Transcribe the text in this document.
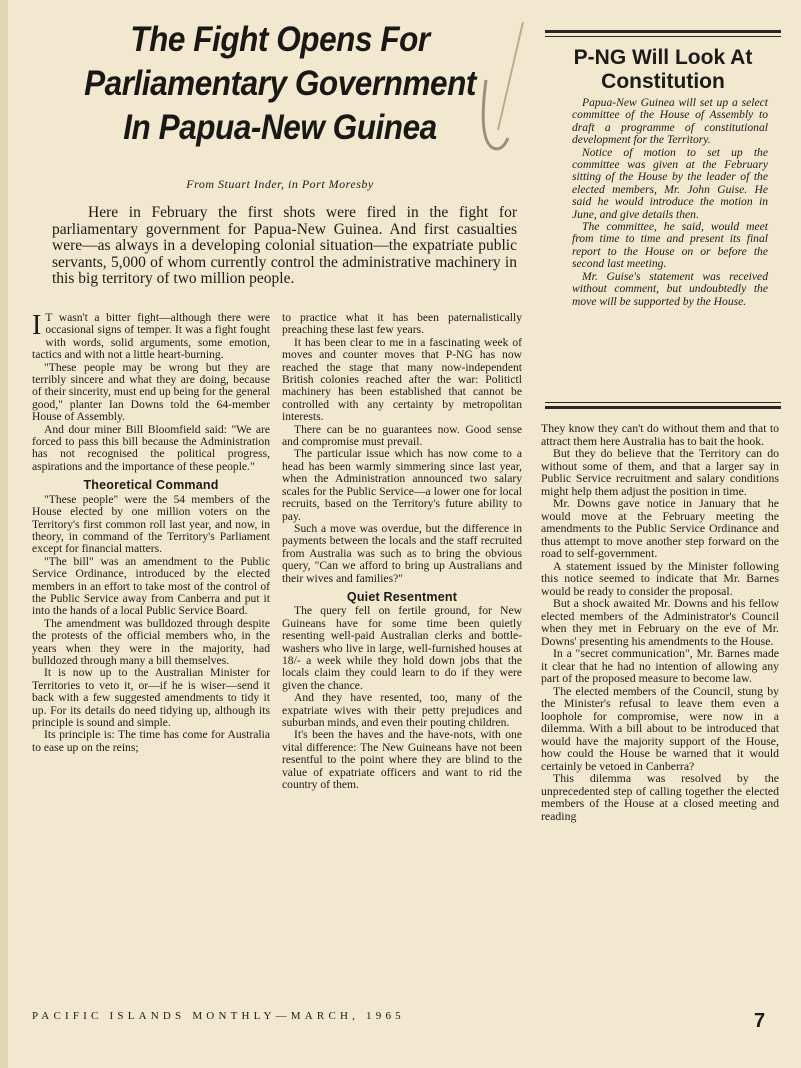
The Fight Opens For
Parliamentary Government
In Papua-New Guinea
From Stuart Inder, in Port Moresby
Here in February the first shots were fired in the fight for parliamentary government for Papua-New Guinea. And first casualties were—as always in a developing colonial situation—the expatriate public servants, 5,000 of whom currently control the administrative machinery in this big territory of two million people.

I T wasn't a bitter fight—although there were occasional signs of temper. It was a fight fought with words, solid arguments, some emotion, tactics and with not a little heart-burning.

"These people may be wrong but they are terribly sincere and what they are doing, because of their sincerity, must end up being for the general good," planter Ian Downs told the 64-member House of Assembly.

And dour miner Bill Bloomfield said: "We are forced to pass this bill because the Administration has not recognised the political progress, aspirations and the importance of these people."

Theoretical Command

"These people" were the 54 members of the House elected by one million voters on the Territory's first common roll last year, and now, in theory, in command of the Territory's Parliament except for financial matters.

"The bill" was an amendment to the Public Service Ordinance, introduced by the elected members in an effort to take most of the control of the Public Service away from Canberra and put it into the hands of a local Public Service Board.

The amendment was bulldozed through despite the protests of the official members who, in the years when they were in the majority, had bulldozed through many a bill themselves.

It is now up to the Australian Minister for Territories to veto it, or—if he is wiser—send it back with a few suggested amendments to tidy it up. For its details do need tidying up, although its principle is sound and simple.

Its principle is: The time has come for Australia to ease up on the reins;

to practice what it has been paternalistically preaching these last few years.

It has been clear to me in a fascinating week of moves and counter moves that P-NG has now reached the stage that many now-independent British colonies reached after the war: Politictl machinery has been established that cannot be controlled with any certainty by metropolitan interests.

There can be no guarantees now. Good sense and compromise must prevail.

The particular issue which has now come to a head has been warmly simmering since last year, when the Administration announced two salary scales for the Public Service—a lower one for local recruits, based on the Territory's future ability to pay.

Such a move was overdue, but the difference in payments between the locals and the staff recruited from Australia was such as to bring the obvious query, "Can we afford to bring up Australians and their wives and families?"

Quiet Resentment

The query fell on fertile ground, for New Guineans have for some time been quietly resenting well-paid Australian clerks and bottle-washers who live in large, well-furnished houses at 18/- a week while they hold down jobs that the locals claim they could learn to do if they were given the chance.

And they have resented, too, many of the expatriate wives with their petty prejudices and suburban minds, and even their pouting children.

It's been the haves and the have-nots, with one vital difference: The New Guineans have not been resentful to the point where they are blind to the value of expatriate officers and want to rid the country of them.

P-NG Will Look At Constitution

Papua-New Guinea will set up a select committee of the House of Assembly to draft a programme of constitutional development for the Territory.

Notice of motion to set up the committee was given at the February sitting of the House by the leader of the elected members, Mr. John Guise. He said he would introduce the motion in June, and give details then.

The committee, he said, would meet from time to time and present its final report to the House on or before the second last meeting.

Mr. Guise's statement was received without comment, but undoubtedly the move will be supported by the House.

They know they can't do without them and that to attract them here Australia has to bait the hook.

But they do believe that the Territory can do without some of them, and that a larger say in Public Service recruitment and salary conditions might help them adjust the position in time.

Mr. Downs gave notice in January that he would move at the February meeting the amendments to the Public Service Ordinance and thus attempt to move another step forward on the road to self-government.

A statement issued by the Minister following this notice seemed to indicate that Mr. Barnes would be ready to consider the proposal.

But a shock awaited Mr. Downs and his fellow elected members of the Administrator's Council when they met in February on the eve of Mr. Downs' presenting his amendments to the House.

In a "secret communication", Mr. Barnes made it clear that he had no intention of allowing any part of the proposed measure to become law.

The elected members of the Council, stung by the Minister's refusal to leave them even a loophole for compromise, were now in a dilemma. With a bill about to be introduced that would have the majority support of the House, how could the House be warned that it would certainly be vetoed in Canberra?

This dilemma was resolved by the unprecedented step of calling together the elected members of the House at a closed meeting and reading

PACIFIC ISLANDS MONTHLY—MARCH, 1965	7
